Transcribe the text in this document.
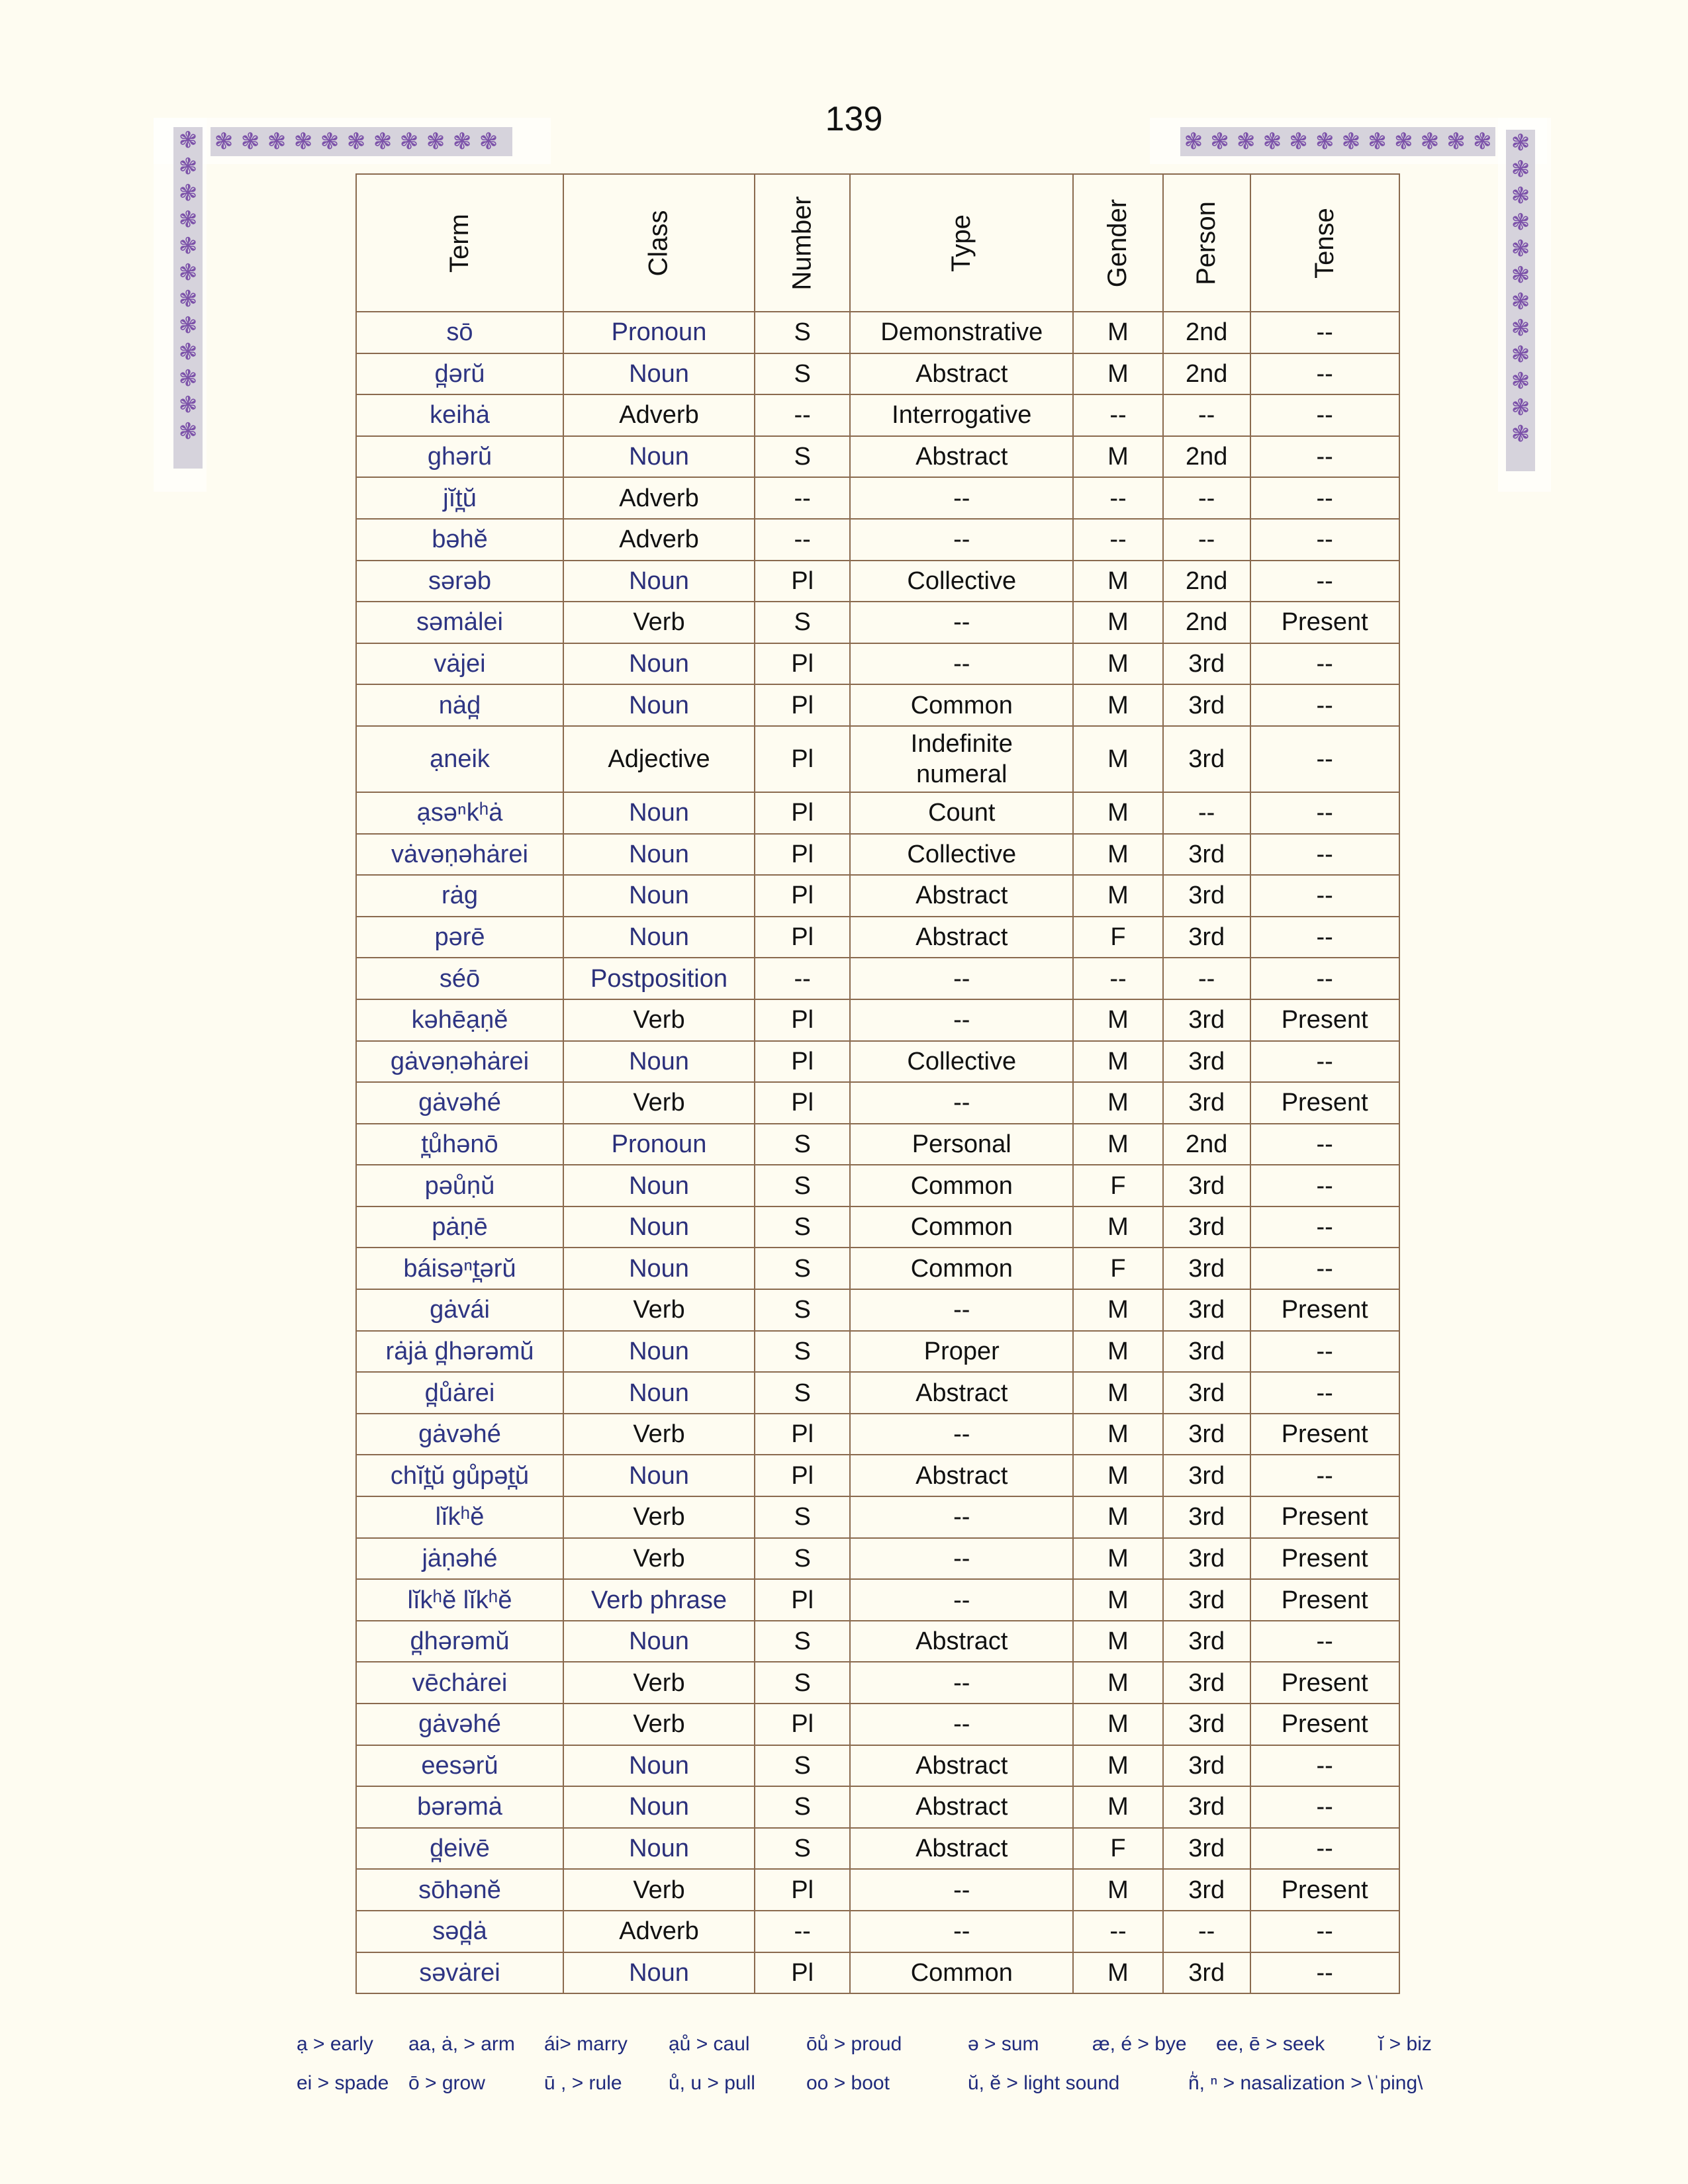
139
❃ ❃ ❃ ❃ ❃ ❃ ❃ ❃ ❃ ❃ ❃
❃
❃
❃
❃
❃
❃
❃
❃
❃
❃
❃
❃
❃ ❃ ❃ ❃ ❃ ❃ ❃ ❃ ❃ ❃ ❃ ❃ ❃
❃
❃
❃
❃
❃
❃
❃
❃
❃
❃
❃
Term	Class	Number	Type	Gender	Person	Tense
sō	Pronoun	S	Demonstrative	M	2nd	--
d̪ərŭ	Noun	S	Abstract	M	2nd	--
keihȧ	Adverb	--	Interrogative	--	--	--
ghərŭ	Noun	S	Abstract	M	2nd	--
jĭt̪ŭ	Adverb	--	--	--	--	--
bəhĕ	Adverb	--	--	--	--	--
sərəb	Noun	Pl	Collective	M	2nd	--
səmȧlei	Verb	S	--	M	2nd	Present
vȧjei	Noun	Pl	--	M	3rd	--
nȧd̪	Noun	Pl	Common	M	3rd	--
ạneik	Adjective	Pl	Indefinite numeral	M	3rd	--
ạsəⁿkʰȧ	Noun	Pl	Count	M	--	--
vȧvəṇəhȧrei	Noun	Pl	Collective	M	3rd	--
rȧg	Noun	Pl	Abstract	M	3rd	--
pərē	Noun	Pl	Abstract	F	3rd	--
séō	Postposition	--	--	--	--	--
kəhēạṇĕ	Verb	Pl	--	M	3rd	Present
gȧvəṇəhȧrei	Noun	Pl	Collective	M	3rd	--
gȧvəhé	Verb	Pl	--	M	3rd	Present
t̪ůhənō	Pronoun	S	Personal	M	2nd	--
pəůṇŭ	Noun	S	Common	F	3rd	--
pȧṇē	Noun	S	Common	M	3rd	--
báisəⁿt̪ərŭ	Noun	S	Common	F	3rd	--
gȧvái	Verb	S	--	M	3rd	Present
rȧjȧ d̪hərəmŭ	Noun	S	Proper	M	3rd	--
d̪ůȧrei	Noun	S	Abstract	M	3rd	--
gȧvəhé	Verb	Pl	--	M	3rd	Present
chĭt̪ŭ gůpət̪ŭ	Noun	Pl	Abstract	M	3rd	--
lĭkʰĕ	Verb	S	--	M	3rd	Present
jȧṇəhé	Verb	S	--	M	3rd	Present
lĭkʰĕ lĭkʰĕ	Verb phrase	Pl	--	M	3rd	Present
d̪hərəmŭ	Noun	S	Abstract	M	3rd	--
vēchȧrei	Verb	S	--	M	3rd	Present
gȧvəhé	Verb	Pl	--	M	3rd	Present
eesərŭ	Noun	S	Abstract	M	3rd	--
bərəmȧ	Noun	S	Abstract	M	3rd	--
d̪eivē	Noun	S	Abstract	F	3rd	--
sōhənĕ	Verb	Pl	--	M	3rd	Present
səd̪ȧ	Adverb	--	--	--	--	--
səvȧrei	Noun	Pl	Common	M	3rd	--
ạ > early aa, ȧ, > arm ái> marry ạů > caul	ōů > proud	ə > sum	æ, é > bye ee, ē > seek	ĭ > biz
ei > spade ō > grow	ū , > rule ů, u > pull	oo > boot	ŭ, ĕ > light sound	ñ̍, ⁿ > nasalization > \ˈping\
